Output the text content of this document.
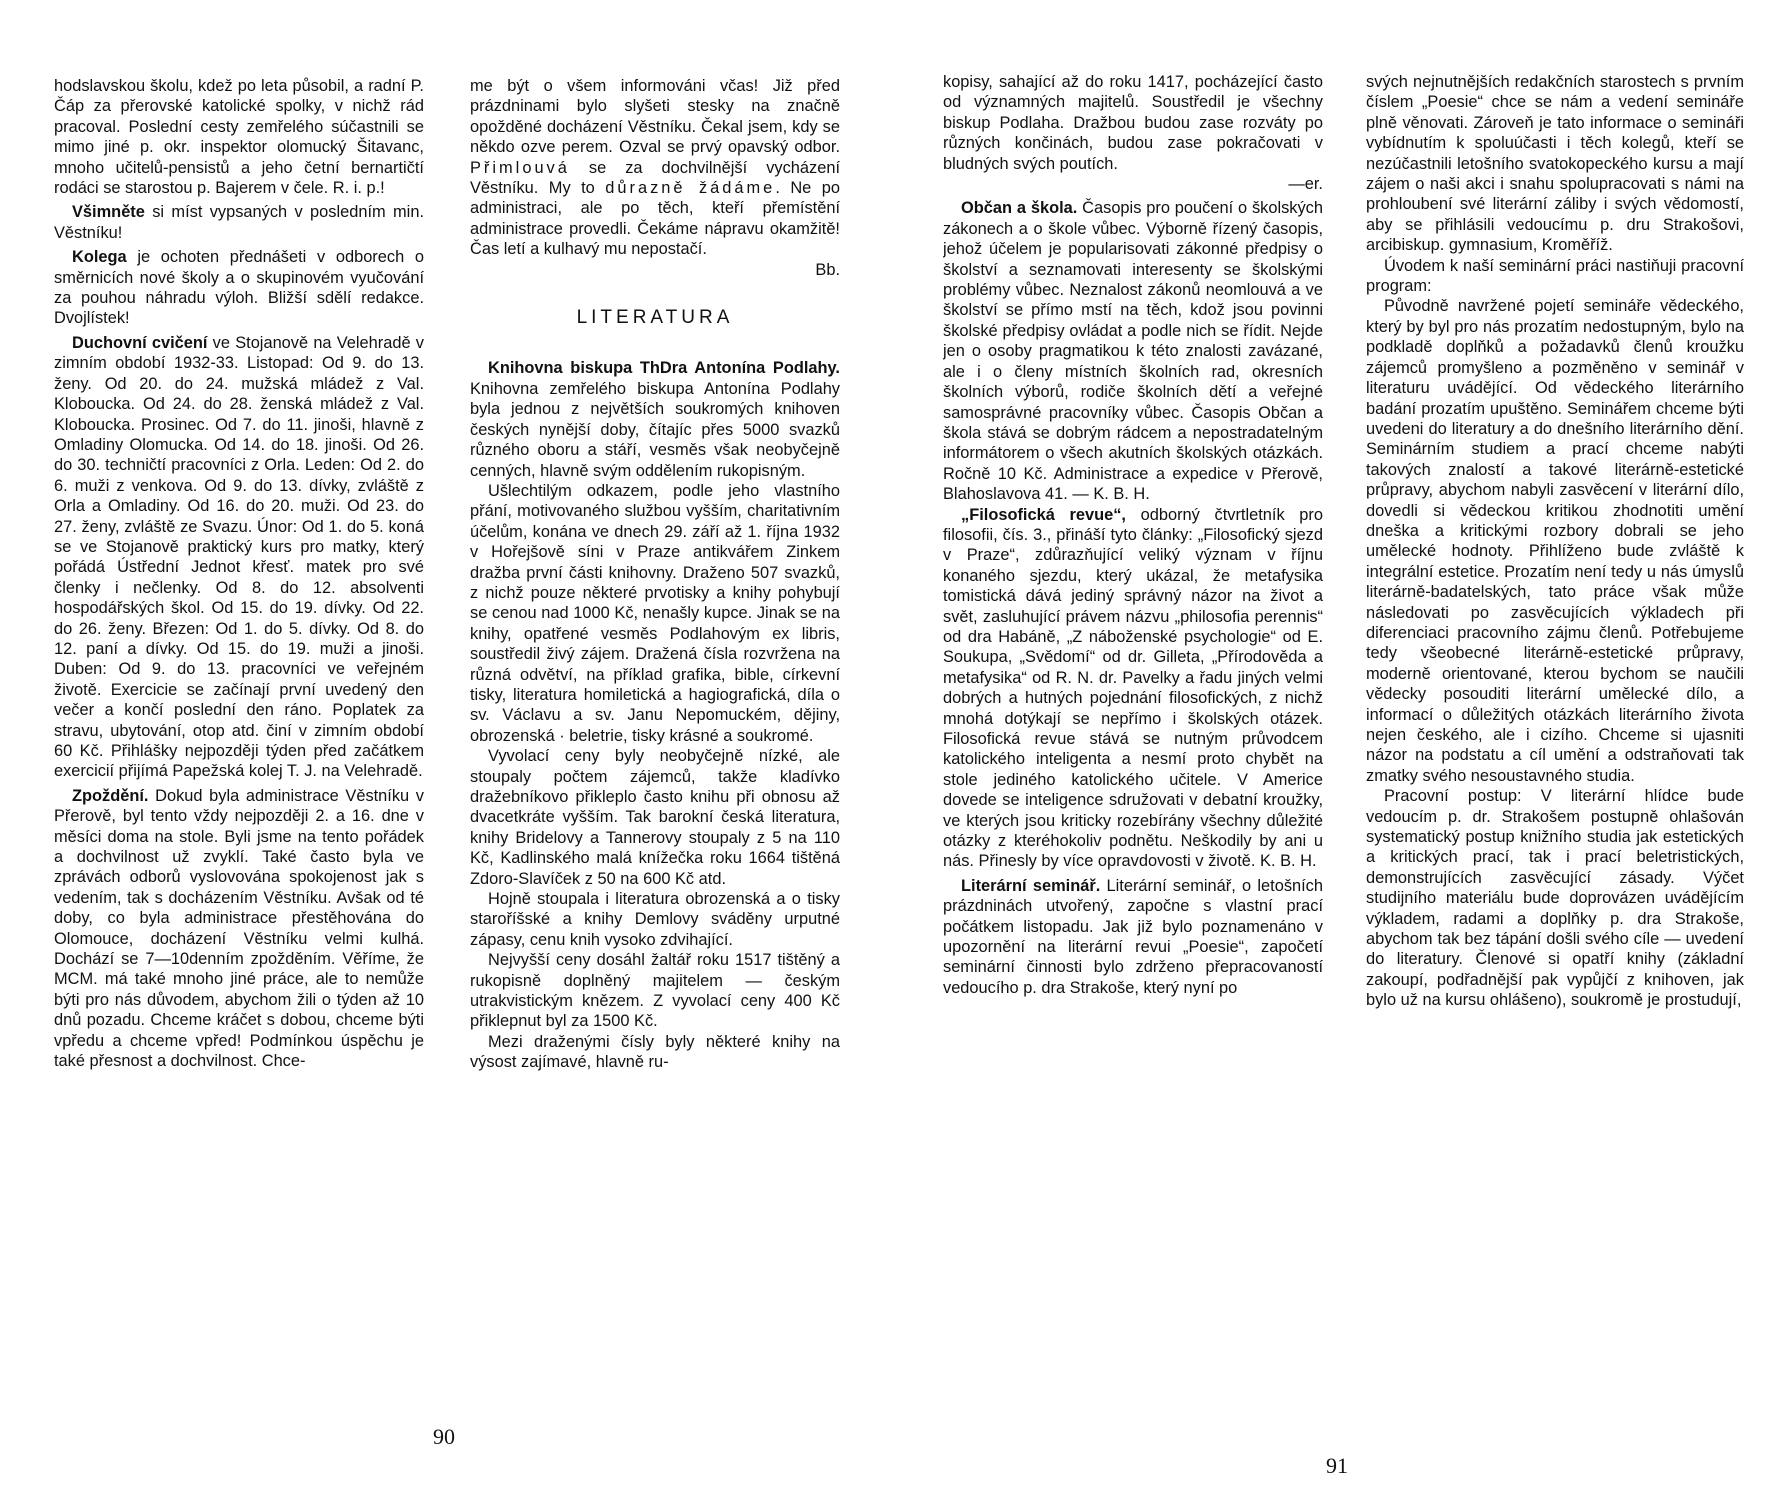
hodslavskou školu, kdež po leta působil, a radní P. Čáp za přerovské katolické spolky, v nichž rád pracoval. Poslední cesty zemřelého súčastnili se mimo jiné p. okr. inspektor olomucký Šitavanc, mnoho učitelů-pensistů a jeho četní bernartičtí rodáci se starostou p. Bajerem v čele. R. i. p.!

Všimněte si míst vypsaných v posledním min. Věstníku!

Kolega je ochoten přednášeti v odborech o směrnicích nové školy a o skupinovém vyučování za pouhou náhradu výloh. Bližší sdělí redakce. Dvojlístek!

Duchovní cvičení ve Stojanově na Velehradě v zimním období 1932-33. Listopad: Od 9. do 13. ženy. Od 20. do 24. mužská mládež z Val. Kloboucka. Od 24. do 28. ženská mládež z Val. Kloboucka. Prosinec. Od 7. do 11. jinoši, hlavně z Omladiny Olomucka. Od 14. do 18. jinoši. Od 26. do 30. techničtí pracovníci z Orla. Leden: Od 2. do 6. muži z venkova. Od 9. do 13. dívky, zvláště z Orla a Omladiny. Od 16. do 20. muži. Od 23. do 27. ženy, zvláště ze Svazu. Únor: Od 1. do 5. koná se ve Stojanově praktický kurs pro matky, který pořádá Ústřední Jednot křesť. matek pro své členky i nečlenky. Od 8. do 12. absolventi hospodářských škol. Od 15. do 19. dívky. Od 22. do 26. ženy. Březen: Od 1. do 5. dívky. Od 8. do 12. paní a dívky. Od 15. do 19. muži a jinoši. Duben: Od 9. do 13. pracovníci ve veřejném životě. Exercicie se začínají první uvedený den večer a končí poslední den ráno. Poplatek za stravu, ubytování, otop atd. činí v zimním období 60 Kč. Přihlášky nejpozději týden před začátkem exercicií přijímá Papežská kolej T. J. na Velehradě.

Zpoždění. Dokud byla administrace Věstníku v Přerově, byl tento vždy nejpozději 2. a 16. dne v měsíci doma na stole. Byli jsme na tento pořádek a dochvilnost už zvyklí. Také často byla ve zprávách odborů vyslovována spokojenost jak s vedením, tak s docházením Věstníku. Avšak od té doby, co byla administrace přestěhována do Olomouce, docházení Věstníku velmi kulhá. Dochází se 7—10denním zpožděním. Věříme, že MCM. má také mnoho jiné práce, ale to nemůže býti pro nás důvodem, abychom žili o týden až 10 dnů pozadu. Chceme kráčet s dobou, chceme býti vpředu a chceme vpřed! Podmínkou úspěchu je také přesnost a dochvilnost. Chce-

me být o všem informováni včas! Již před prázdninami bylo slyšeti stesky na značně opožděné docházení Věstníku. Čekal jsem, kdy se někdo ozve perem. Ozval se prvý opavský odbor. Přimlouvá se za dochvilnější vycházení Věstníku. My to důrazně žádáme. Ne po administraci, ale po těch, kteří přemístění administrace provedli. Čekáme nápravu okamžitě! Čas letí a kulhavý mu nepostačí.

Bb.

LITERATURA

Knihovna biskupa ThDra Antonína Podlahy. Knihovna zemřelého biskupa Antonína Podlahy byla jednou z největších soukromých knihoven českých nynější doby, čítajíc přes 5000 svazků různého oboru a stáří, vesměs však neobyčejně cenných, hlavně svým oddělením rukopisným.

Ušlechtilým odkazem, podle jeho vlastního přání, motivovaného službou vyšším, charitativním účelům, konána ve dnech 29. září až 1. října 1932 v Hořejšově síni v Praze antikvářem Zinkem dražba první části knihovny. Draženo 507 svazků, z nichž pouze některé prvotisky a knihy pohybují se cenou nad 1000 Kč, nenašly kupce. Jinak se na knihy, opatřené vesměs Podlahovým ex libris, soustředil živý zájem. Dražená čísla rozvržena na různá odvětví, na příklad grafika, bible, církevní tisky, literatura homiletická a hagiografická, díla o sv. Václavu a sv. Janu Nepomuckém, dějiny, obrozenská · beletrie, tisky krásné a soukromé.

Vyvolací ceny byly neobyčejně nízké, ale stoupaly počtem zájemců, takže kladívko dražebníkovo přikleplo často knihu při obnosu až dvacetkráte vyšším. Tak barokní česká literatura, knihy Bridelovy a Tannerovy stoupaly z 5 na 110 Kč, Kadlinského malá knížečka roku 1664 tištěná Zdoro-Slavíček z 50 na 600 Kč atd.

Hojně stoupala i literatura obrozenská a o tisky staroříšské a knihy Demlovy sváděny urputné zápasy, cenu knih vysoko zdvihající.

Nejvyšší ceny dosáhl žaltář roku 1517 tištěný a rukopisně doplněný majitelem — českým utrakvistickým knězem. Z vyvolací ceny 400 Kč přiklepnut byl za 1500 Kč.

Mezi draženými čísly byly některé knihy na výsost zajímavé, hlavně ru-

90

kopisy, sahající až do roku 1417, pocházející často od významných majitelů. Soustředil je všechny biskup Podlaha. Dražbou budou zase rozváty po různých končinách, budou zase pokračovati v bludných svých poutích.

—er.

Občan a škola. Časopis pro poučení o školských zákonech a o škole vůbec. Výborně řízený časopis, jehož účelem je popularisovati zákonné předpisy o školství a seznamovati interesenty se školskými problémy vůbec. Neznalost zákonů neomlouvá a ve školství se přímo mstí na těch, kdož jsou povinni školské předpisy ovládat a podle nich se řídit. Nejde jen o osoby pragmatikou k této znalosti zavázané, ale i o členy místních školních rad, okresních školních výborů, rodiče školních dětí a veřejné samosprávné pracovníky vůbec. Časopis Občan a škola stává se dobrým rádcem a nepostradatelným informátorem o všech akutních školských otázkách. Ročně 10 Kč. Administrace a expedice v Přerově, Blahoslavova 41. — K. B. H.

„Filosofická revue“, odborný čtvrtletník pro filosofii, čís. 3., přináší tyto články: „Filosofický sjezd v Praze“, zdůrazňující veliký význam v říjnu konaného sjezdu, který ukázal, že metafysika tomistická dává jediný správný názor na život a svět, zasluhující právem názvu „philosofia perennis“ od dra Habáně, „Z náboženské psychologie“ od E. Soukupa, „Svědomí“ od dr. Gilleta, „Přírodověda a metafysika“ od R. N. dr. Pavelky a řadu jiných velmi dobrých a hutných pojednání filosofických, z nichž mnohá dotýkají se nepřímo i školských otázek. Filosofická revue stává se nutným průvodcem katolického inteligenta a nesmí proto chybět na stole jediného katolického učitele. V Americe dovede se inteligence sdružovati v debatní kroužky, ve kterých jsou kriticky rozebírány všechny důležité otázky z kteréhokoliv podnětu. Neškodily by ani u nás. Přinesly by více opravdovosti v životě. K. B. H.

Literární seminář. Literární seminář, o letošních prázdninách utvořený, započne s vlastní prací počátkem listopadu. Jak již bylo poznamenáno v upozornění na literární revui „Poesie“, započetí seminární činnosti bylo zdrženo přepracovaností vedoucího p. dra Strakoše, který nyní po

svých nejnutnějších redakčních starostech s prvním číslem „Poesie“ chce se nám a vedení semináře plně věnovati. Zároveň je tato informace o semináři vybídnutím k spoluúčasti i těch kolegů, kteří se nezúčastnili letošního svatokopeckého kursu a mají zájem o naši akci i snahu spolupracovati s námi na prohloubení své literární záliby i svých vědomostí, aby se přihlásili vedoucímu p. dru Strakošovi, arcibiskup. gymnasium, Kroměříž.

Úvodem k naší seminární práci nastiňuji pracovní program:

Původně navržené pojetí semináře vědeckého, který by byl pro nás prozatím nedostupným, bylo na podkladě doplňků a požadavků členů kroužku zájemců promyšleno a pozměněno v seminář v literaturu uvádějící. Od vědeckého literárního badání prozatím upuštěno. Seminářem chceme býti uvedeni do literatury a do dnešního literárního dění. Seminárním studiem a prací chceme nabýti takových znalostí a takové literárně-estetické průpravy, abychom nabyli zasvěcení v literární dílo, dovedli si vědeckou kritikou zhodnotiti umění dneška a kritickými rozbory dobrali se jeho umělecké hodnoty. Přihlíženo bude zvláště k integrální estetice. Prozatím není tedy u nás úmyslů literárně-badatelských, tato práce však může následovati po zasvěcujících výkladech při diferenciaci pracovního zájmu členů. Potřebujeme tedy všeobecné literárně-estetické průpravy, moderně orientované, kterou bychom se naučili vědecky posouditi literární umělecké dílo, a informací o důležitých otázkách literárního života nejen českého, ale i cizího. Chceme si ujasniti názor na podstatu a cíl umění a odstraňovati tak zmatky svého nesoustavného studia.

Pracovní postup: V literární hlídce bude vedoucím p. dr. Strakošem postupně ohlašován systematický postup knižního studia jak estetických a kritických prací, tak i prací beletristických, demonstrujících zasvěcující zásady. Výčet studijního materiálu bude doprovázen uvádějícím výkladem, radami a doplňky p. dra Strakoše, abychom tak bez tápání došli svého cíle — uvedení do literatury. Členové si opatří knihy (základní zakoupí, podřadnější pak vypůjčí z knihoven, jak bylo už na kursu ohlášeno), soukromě je prostudují,

91
